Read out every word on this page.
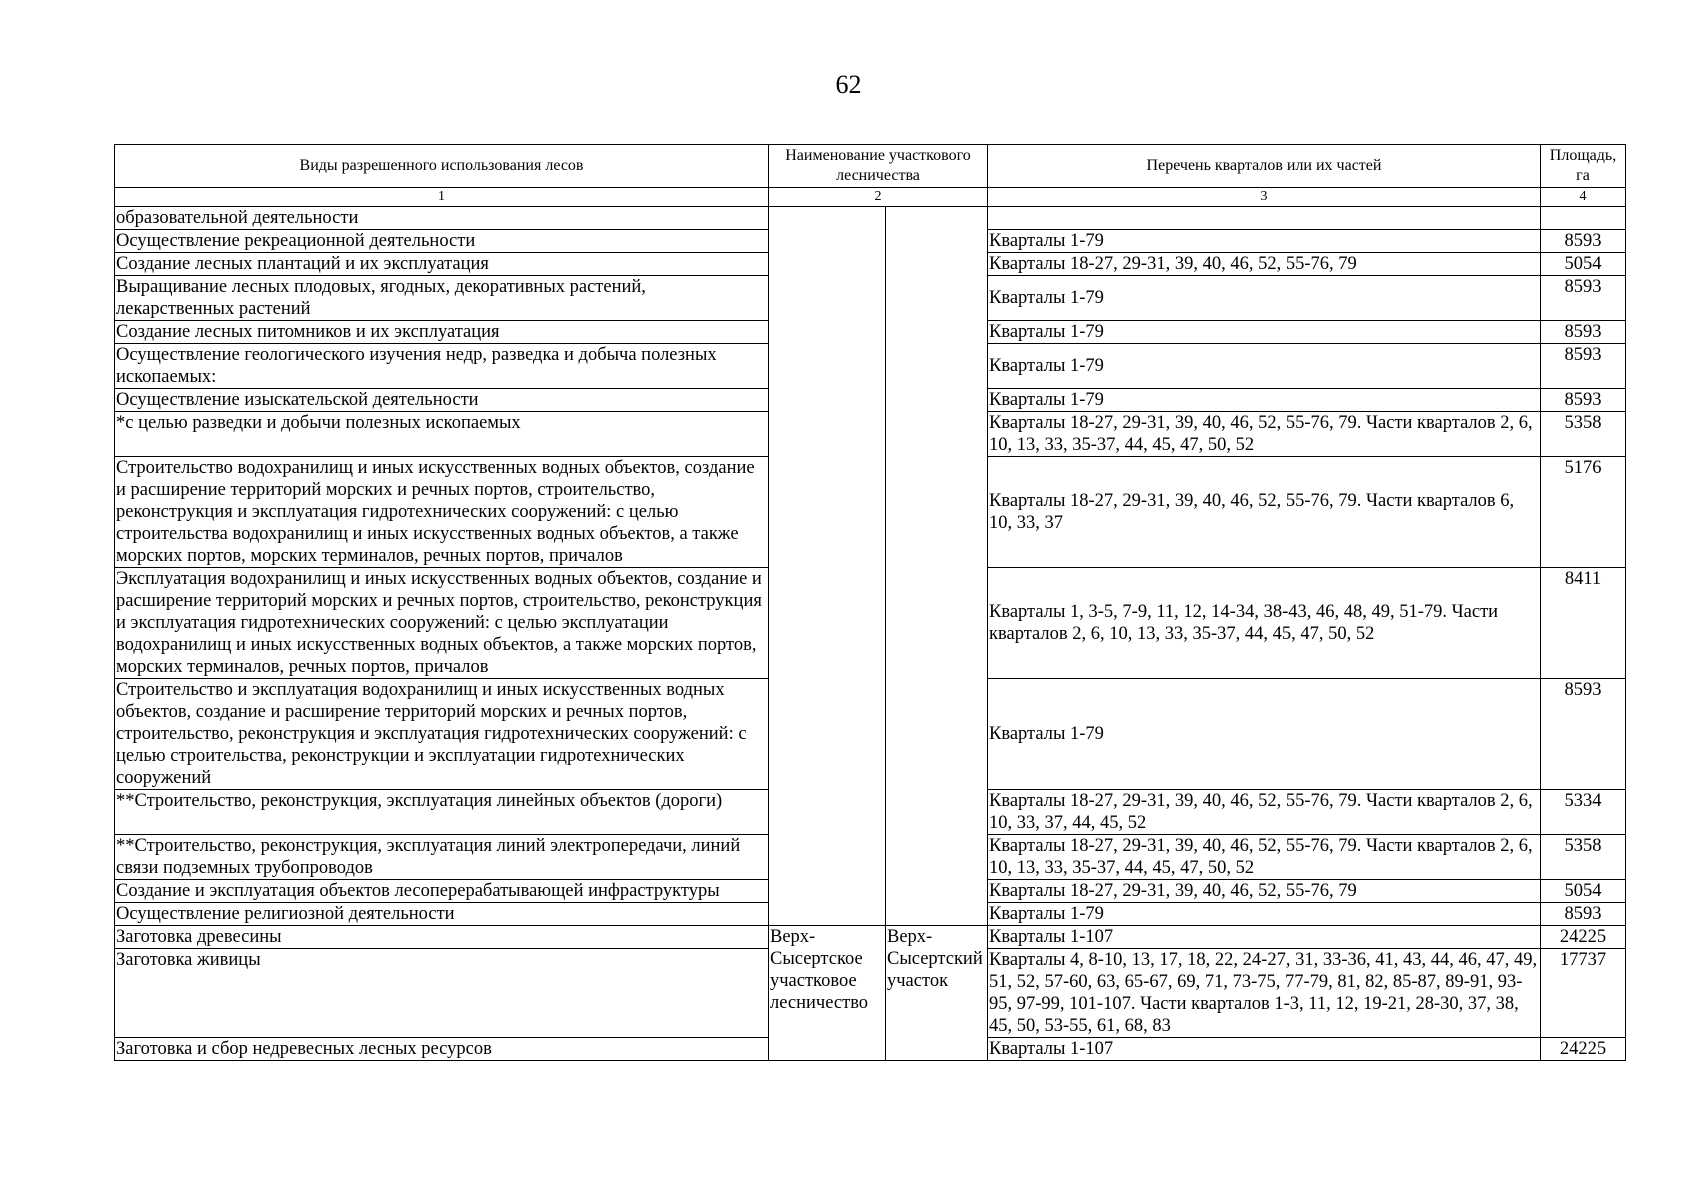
62
Виды разрешенного использования лесов	Наименование участкового лесничества		Перечень кварталов или их частей	Площадь, га
1	2		3	4
образовательной деятельности				
Осуществление рекреационной деятельности			Кварталы 1-79	8593
Создание лесных плантаций и их эксплуатация			Кварталы 18-27, 29-31, 39, 40, 46, 52, 55-76, 79	5054
Выращивание лесных плодовых, ягодных, декоративных растений, лекарственных растений			Кварталы 1-79	8593
Создание лесных питомников и их эксплуатация			Кварталы 1-79	8593
Осуществление геологического изучения недр, разведка и добыча полезных ископаемых:			Кварталы 1-79	8593
Осуществление изыскательской деятельности			Кварталы 1-79	8593
*с целью разведки и добычи полезных ископаемых			Кварталы 18-27, 29-31, 39, 40, 46, 52, 55-76, 79. Части кварталов 2, 6, 10, 13, 33, 35-37, 44, 45, 47, 50, 52	5358
Строительство водохранилищ и иных искусственных водных объектов, создание и расширение территорий морских и речных портов, строительство, реконструкция и эксплуатация гидротехнических сооружений: с целью строительства водохранилищ и иных искусственных водных объектов, а также морских портов, морских терминалов, речных портов, причалов			Кварталы 18-27, 29-31, 39, 40, 46, 52, 55-76, 79. Части кварталов 6, 10, 33, 37	5176
Эксплуатация водохранилищ и иных искусственных водных объектов, создание и расширение территорий морских и речных портов, строительство, реконструкция и эксплуатация гидротехнических сооружений: с целью эксплуатации водохранилищ и иных искусственных водных объектов, а также морских портов, морских терминалов, речных портов, причалов			Кварталы 1, 3-5, 7-9, 11, 12, 14-34, 38-43, 46, 48, 49, 51-79. Части кварталов 2, 6, 10, 13, 33, 35-37, 44, 45, 47, 50, 52	8411
Строительство и эксплуатация водохранилищ и иных искусственных водных объектов, создание и расширение территорий морских и речных портов, строительство, реконструкция и эксплуатация гидротехнических сооружений: с целью строительства, реконструкции и эксплуатации гидротехнических сооружений			Кварталы 1-79	8593
**Строительство, реконструкция, эксплуатация линейных объектов (дороги)			Кварталы 18-27, 29-31, 39, 40, 46, 52, 55-76, 79. Части кварталов 2, 6, 10, 33, 37, 44, 45, 52	5334
**Строительство, реконструкция, эксплуатация линий электропередачи, линий связи подземных трубопроводов			Кварталы 18-27, 29-31, 39, 40, 46, 52, 55-76, 79. Части кварталов 2, 6, 10, 13, 33, 35-37, 44, 45, 47, 50, 52	5358
Создание и эксплуатация объектов лесоперерабатывающей инфраструктуры			Кварталы 18-27, 29-31, 39, 40, 46, 52, 55-76, 79	5054
Осуществление религиозной деятельности			Кварталы 1-79	8593
Заготовка древесины	Верх-Сысертское участковое лесничество	Верх-Сысертский участок	Кварталы 1-107	24225
Заготовка живицы			Кварталы 4, 8-10, 13, 17, 18, 22, 24-27, 31, 33-36, 41, 43, 44, 46, 47, 49, 51, 52, 57-60, 63, 65-67, 69, 71, 73-75, 77-79, 81, 82, 85-87, 89-91, 93-95, 97-99, 101-107. Части кварталов 1-3, 11, 12, 19-21, 28-30, 37, 38, 45, 50, 53-55, 61, 68, 83	17737
Заготовка и сбор недревесных лесных ресурсов			Кварталы 1-107	24225
